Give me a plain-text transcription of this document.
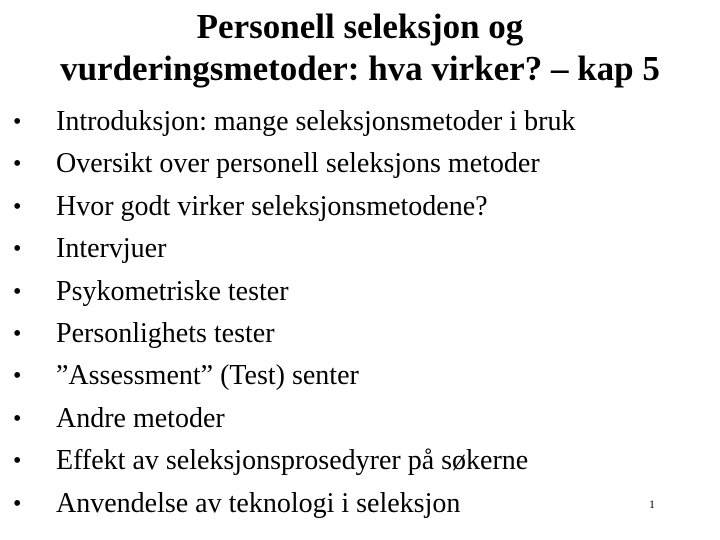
Personell seleksjon og
vurderingsmetoder: hva virker? – kap 5
• Introduksjon: mange seleksjonsmetoder i bruk
• Oversikt over personell seleksjons metoder
• Hvor godt virker seleksjonsmetodene?
• Intervjuer
• Psykometriske tester
• Personlighets tester
• ”Assessment” (Test) senter
• Andre metoder
• Effekt av seleksjonsprosedyrer på søkerne
• Anvendelse av teknologi i seleksjon	1
